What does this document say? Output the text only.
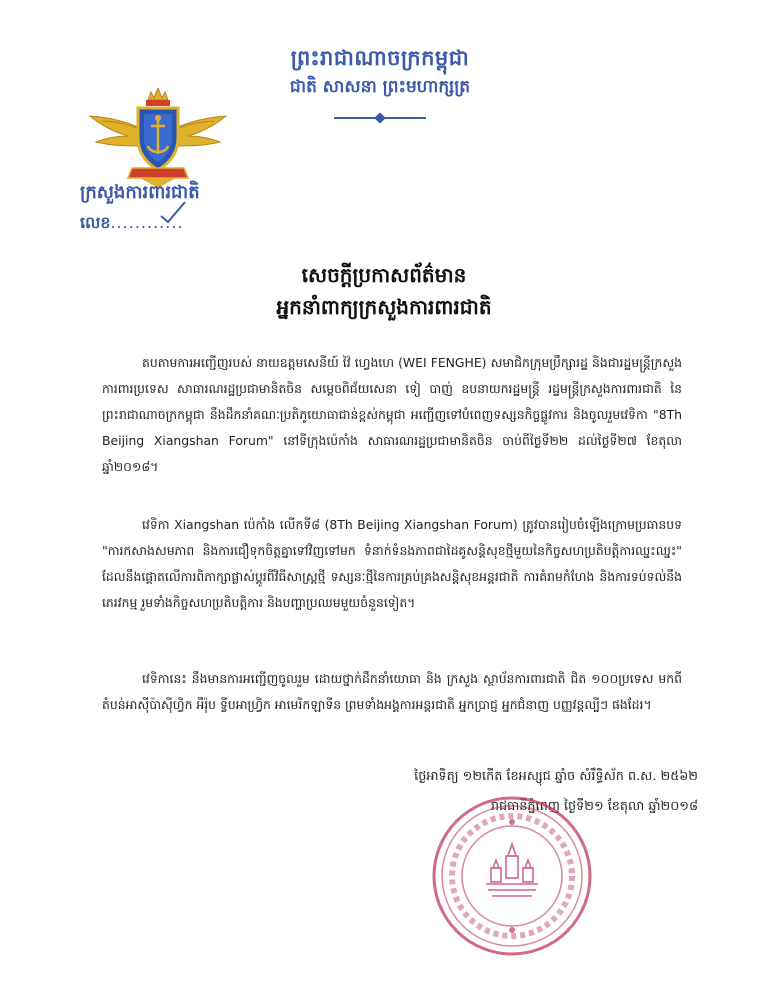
ព្រះរាជាណាចក្រកម្ពុជា
ជាតិ សាសនា ព្រះមហាក្សត្រ
ក្រសួងការពារជាតិ
លេខ............
សេចក្តីប្រកាសព័ត៌មាន
អ្នកនាំពាក្យក្រសួងការពារជាតិ
តបតាមការអញ្ជើញរបស់ នាយឧត្តមសេនីយ៍ វ៉ៃ ហ្វេងហេ (WEI FENGHE) សមាជិកក្រុមប្រឹក្សារដ្ឋ និងជារដ្ឋមន្ត្រីក្រសួងការពារប្រទេស សាធារណរដ្ឋប្រជាមានិតចិន សម្តេចពិជ័យសេនា ទៀ បាញ់ ឧបនាយករដ្ឋមន្ត្រី រដ្ឋមន្ត្រីក្រសួងការពារជាតិ នៃព្រះរាជាណាចក្រកម្ពុជា នឹងដឹកនាំគណៈប្រតិភូយោធាជាន់ខ្ពស់កម្ពុជា អញ្ជើញទៅបំពេញទស្សនកិច្ចផ្លូវការ និងចូលរួមវេទិកា "8Th Beijing Xiangshan Forum" នៅទីក្រុងប៉េកាំង សាធារណរដ្ឋប្រជាមានិតចិន ចាប់ពីថ្ងៃទី២២ ដល់ថ្ងៃទី២៧ ខែតុលា ឆ្នាំ២០១៨។
វេទិកា Xiangshan ប៉េកាំង លើកទី៨ (8Th Beijing Xiangshan Forum) ត្រូវបានរៀបចំឡើងក្រោមប្រធានបទ "ការកសាងសមភាព និងការជឿទុកចិត្តគ្នាទៅវិញទៅមក ទំនាក់ទំនងភាពជាដៃគូសន្តិសុខថ្មីមួយនៃកិច្ចសហប្រតិបត្តិការឈ្នះឈ្នះ" ដែលនឹងផ្តោតលើការពិភាក្សាផ្លាស់ប្តូរពីវិធីសាស្ត្រថ្មី ទស្សនៈថ្មីនៃការគ្រប់គ្រងសន្តិសុខអន្តរជាតិ ការគំរាមកំហែង និងការទប់ទល់នឹងភេរវកម្ម រួមទាំងកិច្ចសហប្រតិបត្តិការ និងបញ្ហាប្រឈមមួយចំនួនទៀត។
វេទិកានេះ នឹងមានការអញ្ជើញចូលរួម ដោយថ្នាក់ដឹកនាំយោធា និង ក្រសួង ស្ថាប័នការពារជាតិ ជិត ១០០ប្រទេស មកពីតំបន់អាស៊ីប៉ាស៊ីហ្វិក អឺរ៉ុប ទ្វីបអាហ្វ្រិក អាមេរិកឡាទីន ព្រមទាំងអង្គការអន្តរជាតិ អ្នកប្រាជ្ញ អ្នកជំនាញ បញ្ញវន្តល្បីៗ ផងដែរ។
ថ្ងៃអាទិត្យ ១២កើត ខែអស្សុជ ឆ្នាំច សំរឹទ្ធិស័ក ព.ស. ២៥៦២
រាជធានីភ្នំពេញ ថ្ងៃទី២១ ខែតុលា ឆ្នាំ២០១៨
